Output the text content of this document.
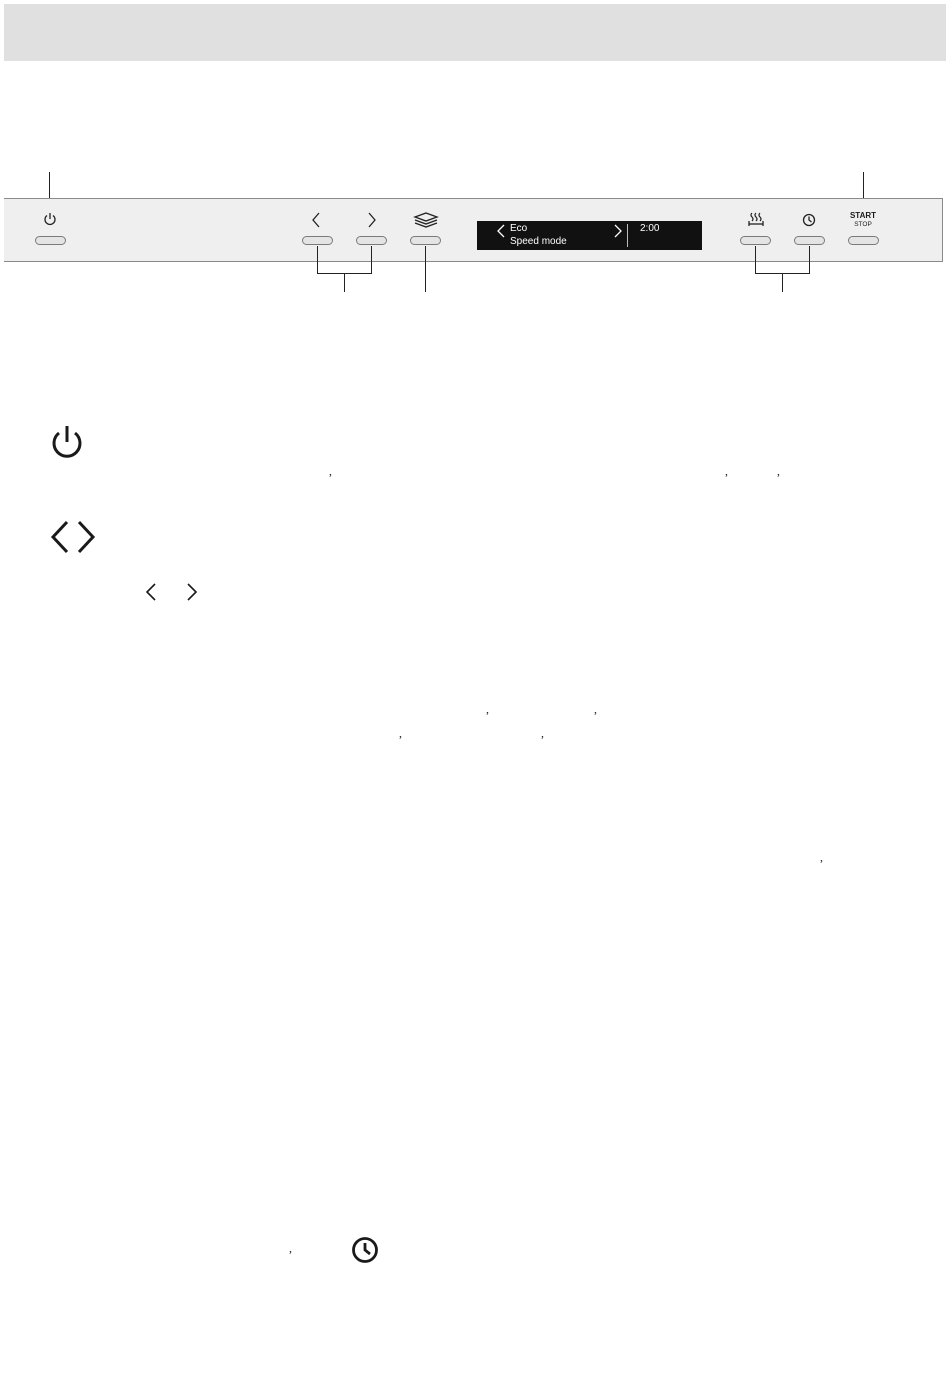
Eco
Speed mode
2:00
START
STOP
,	,	,
,	,
,	,
,
,
